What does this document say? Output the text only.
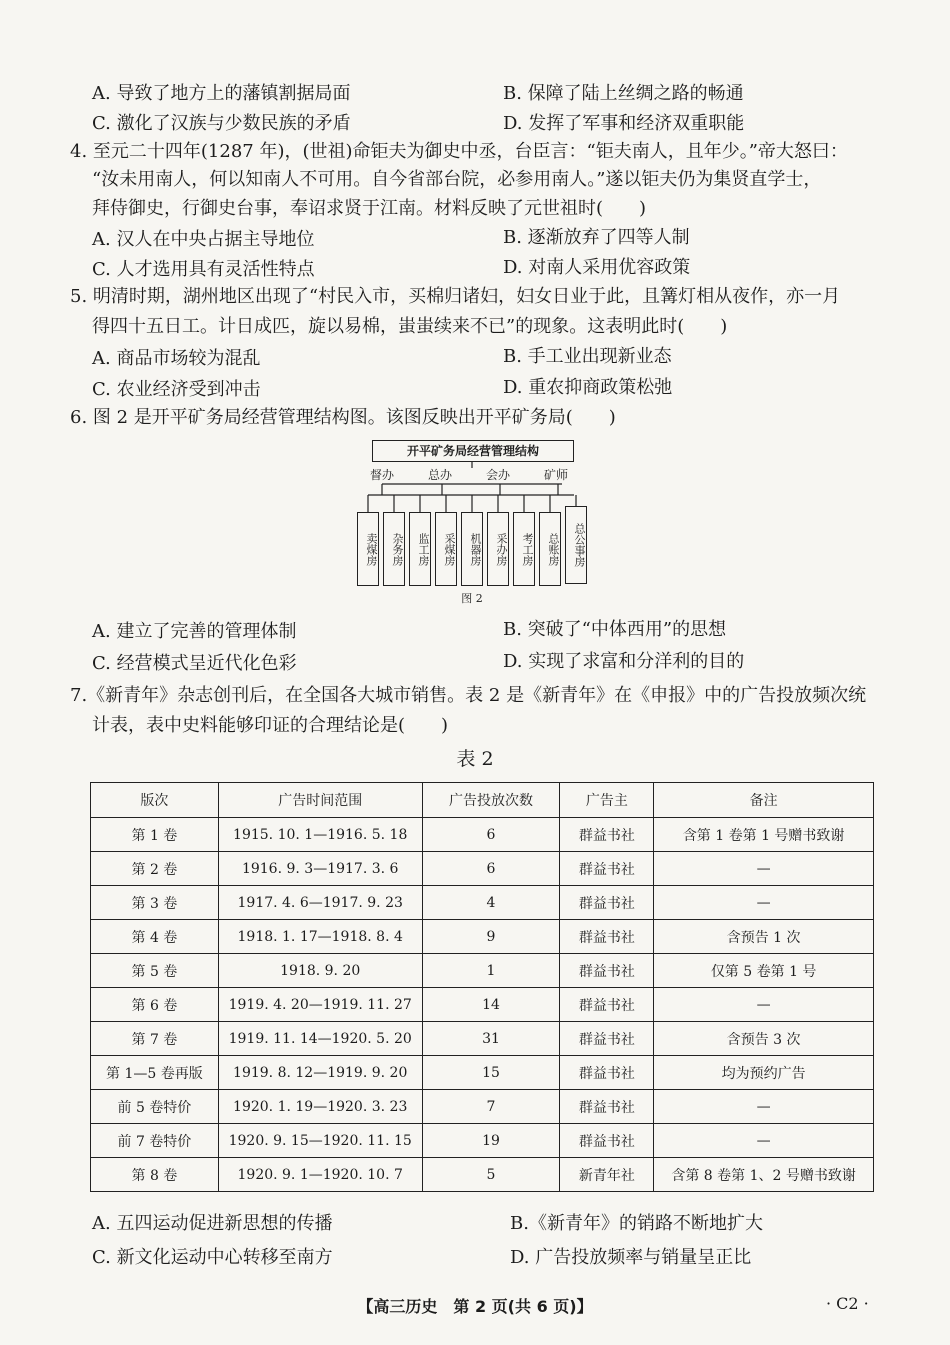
A. 导致了地方上的藩镇割据局面	B. 保障了陆上丝绸之路的畅通
C. 激化了汉族与少数民族的矛盾	D. 发挥了军事和经济双重职能
4. 至元二十四年(1287 年)，(世祖)命钜夫为御史中丞，台臣言：“钜夫南人，且年少。”帝大怒曰：
“汝未用南人，何以知南人不可用。自今省部台院，必参用南人。”遂以钜夫仍为集贤直学士，
拜侍御史，行御史台事，奉诏求贤于江南。材料反映了元世祖时(　　)
A. 汉人在中央占据主导地位	B. 逐渐放弃了四等人制
C. 人才选用具有灵活性特点	D. 对南人采用优容政策
5. 明清时期，湖州地区出现了“村民入市，买棉归诸妇，妇女日业于此，且篝灯相从夜作，亦一月
得四十五日工。计日成匹，旋以易棉，蚩蚩续来不已”的现象。这表明此时(　　)
A. 商品市场较为混乱	B. 手工业出现新业态
C. 农业经济受到冲击	D. 重农抑商政策松弛
6. 图 2 是开平矿务局经营管理结构图。该图反映出开平矿务局(　　)
开平矿务局经营管理结构
督办	总办	会办	矿师
卖煤房	杂务房	监工房	采煤房	机器房	采办房	考工房	总账房	总公事房
图 2
A. 建立了完善的管理体制	B. 突破了“中体西用”的思想
C. 经营模式呈近代化色彩	D. 实现了求富和分洋利的目的
7.《新青年》杂志创刊后，在全国各大城市销售。表 2 是《新青年》在《申报》中的广告投放频次统
计表，表中史料能够印证的合理结论是(　　)
表 2
版次	广告时间范围	广告投放次数	广告主	备注
第 1 卷	1915. 10. 1—1916. 5. 18	6	群益书社	含第 1 卷第 1 号赠书致谢
第 2 卷	1916. 9. 3—1917. 3. 6	6	群益书社	—
第 3 卷	1917. 4. 6—1917. 9. 23	4	群益书社	—
第 4 卷	1918. 1. 17—1918. 8. 4	9	群益书社	含预告 1 次
第 5 卷	1918. 9. 20	1	群益书社	仅第 5 卷第 1 号
第 6 卷	1919. 4. 20—1919. 11. 27	14	群益书社	—
第 7 卷	1919. 11. 14—1920. 5. 20	31	群益书社	含预告 3 次
第 1—5 卷再版	1919. 8. 12—1919. 9. 20	15	群益书社	均为预约广告
前 5 卷特价	1920. 1. 19—1920. 3. 23	7	群益书社	—
前 7 卷特价	1920. 9. 15—1920. 11. 15	19	群益书社	—
第 8 卷	1920. 9. 1—1920. 10. 7	5	新青年社	含第 8 卷第 1、2 号赠书致谢
A. 五四运动促进新思想的传播	B.《新青年》的销路不断地扩大
C. 新文化运动中心转移至南方	D. 广告投放频率与销量呈正比
【高三历史　第 2 页(共 6 页)】	· C2 ·
